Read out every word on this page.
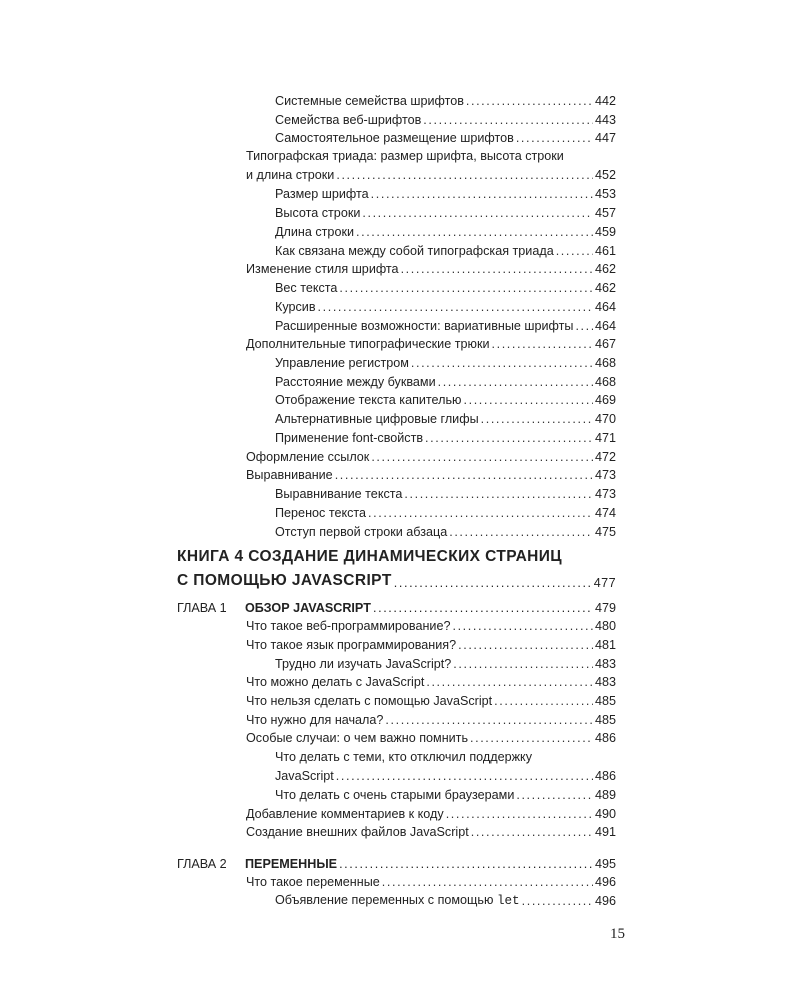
Системные семейства шрифтов .....	442
Семейства веб-шрифтов .....	443
Самостоятельное размещение шрифтов .....	447
Типографская триада: размер шрифта, высота строки
и длина строки .....	452
Размер шрифта .....	453
Высота строки .....	457
Длина строки .....	459
Как связана между собой типографская триада .....	461
Изменение стиля шрифта .....	462
Вес текста .....	462
Курсив .....	464
Расширенные возможности: вариативные шрифты ..... 464
Дополнительные типографические трюки .....	467
Управление регистром .....	468
Расстояние между буквами .....	468
Отображение текста капителью .....	469
Альтернативные цифровые глифы .....	470
Применение font-свойств .....	471
Оформление ссылок .....	472
Выравнивание .....	473
Выравнивание текста .....	473
Перенос текста .....	474
Отступ первой строки абзаца .....	475
КНИГА 4 СОЗДАНИЕ ДИНАМИЧЕСКИХ СТРАНИЦ
С ПОМОЩЬЮ JAVASCRIPT .....	477
ГЛАВА 1	ОБЗОР JAVASCRIPT .....	479
Что такое веб-программирование? .....	480
Что такое язык программирования? .....	481
Трудно ли изучать JavaScript? .....	483
Что можно делать с JavaScript .....	483
Что нельзя сделать с помощью JavaScript .....	485
Что нужно для начала? .....	485
Особые случаи: о чем важно помнить .....	486
Что делать с теми, кто отключил поддержку
JavaScript .....	486
Что делать с очень старыми браузерами .....	489
Добавление комментариев к коду .....	490
Создание внешних файлов JavaScript .....	491
ГЛАВА 2	ПЕРЕМЕННЫЕ .....	495
Что такое переменные .....	496
Объявление переменных с помощью let .....	496
15
